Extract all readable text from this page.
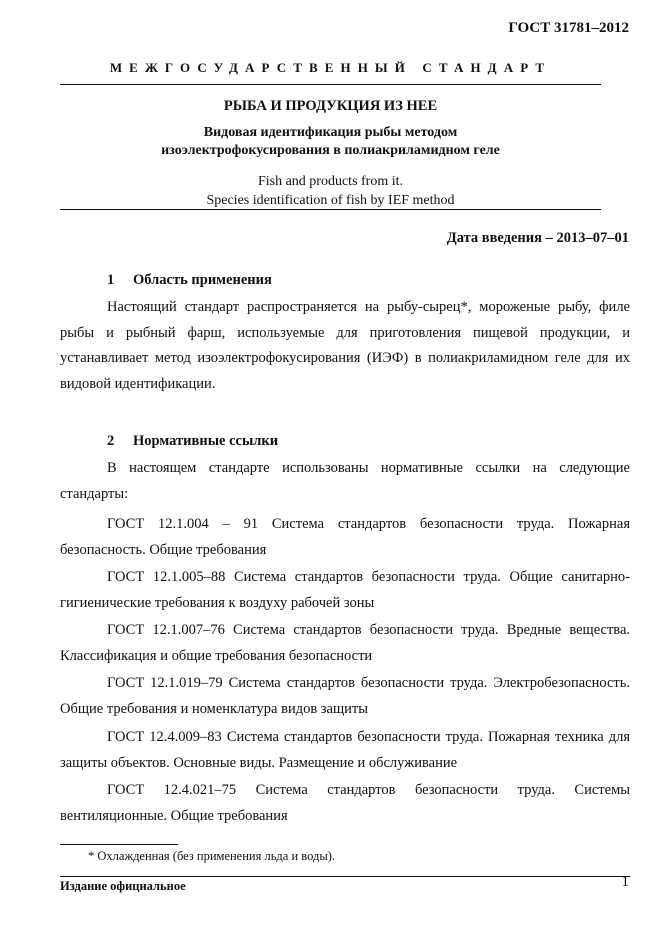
ГОСТ 31781–2012
МЕЖГОСУДАРСТВЕННЫЙ СТАНДАРТ
РЫБА И ПРОДУКЦИЯ ИЗ НЕЕ
Видовая идентификация рыбы методом
изоэлектрофокусирования в полиакриламидном геле
Fish and products from it.
Species identification of fish by IEF method
Дата введения – 2013–07–01
1 Область применения

Настоящий стандарт распространяется на рыбу-сырец*, мороженые рыбу, филе рыбы и рыбный фарш, используемые для приготовления пищевой продукции, и устанавливает метод изоэлектрофокусирования (ИЭФ) в полиакриламидном геле для их видовой идентификации.

2 Нормативные ссылки

В настоящем стандарте использованы нормативные ссылки на следующие стандарты:

ГОСТ 12.1.004 – 91 Система стандартов безопасности труда. Пожарная безопасность. Общие требования

ГОСТ 12.1.005–88 Система стандартов безопасности труда. Общие санитарно-гигиенические требования к воздуху рабочей зоны

ГОСТ 12.1.007–76 Система стандартов безопасности труда. Вредные вещества. Классификация и общие требования безопасности

ГОСТ 12.1.019–79 Система стандартов безопасности труда. Электробезопасность. Общие требования и номенклатура видов защиты

ГОСТ 12.4.009–83 Система стандартов безопасности труда. Пожарная техника для защиты объектов. Основные виды. Размещение и обслуживание

ГОСТ 12.4.021–75 Система стандартов безопасности труда. Системы вентиляционные. Общие требования

* Охлажденная (без применения льда и воды).
Издание официальное	1
